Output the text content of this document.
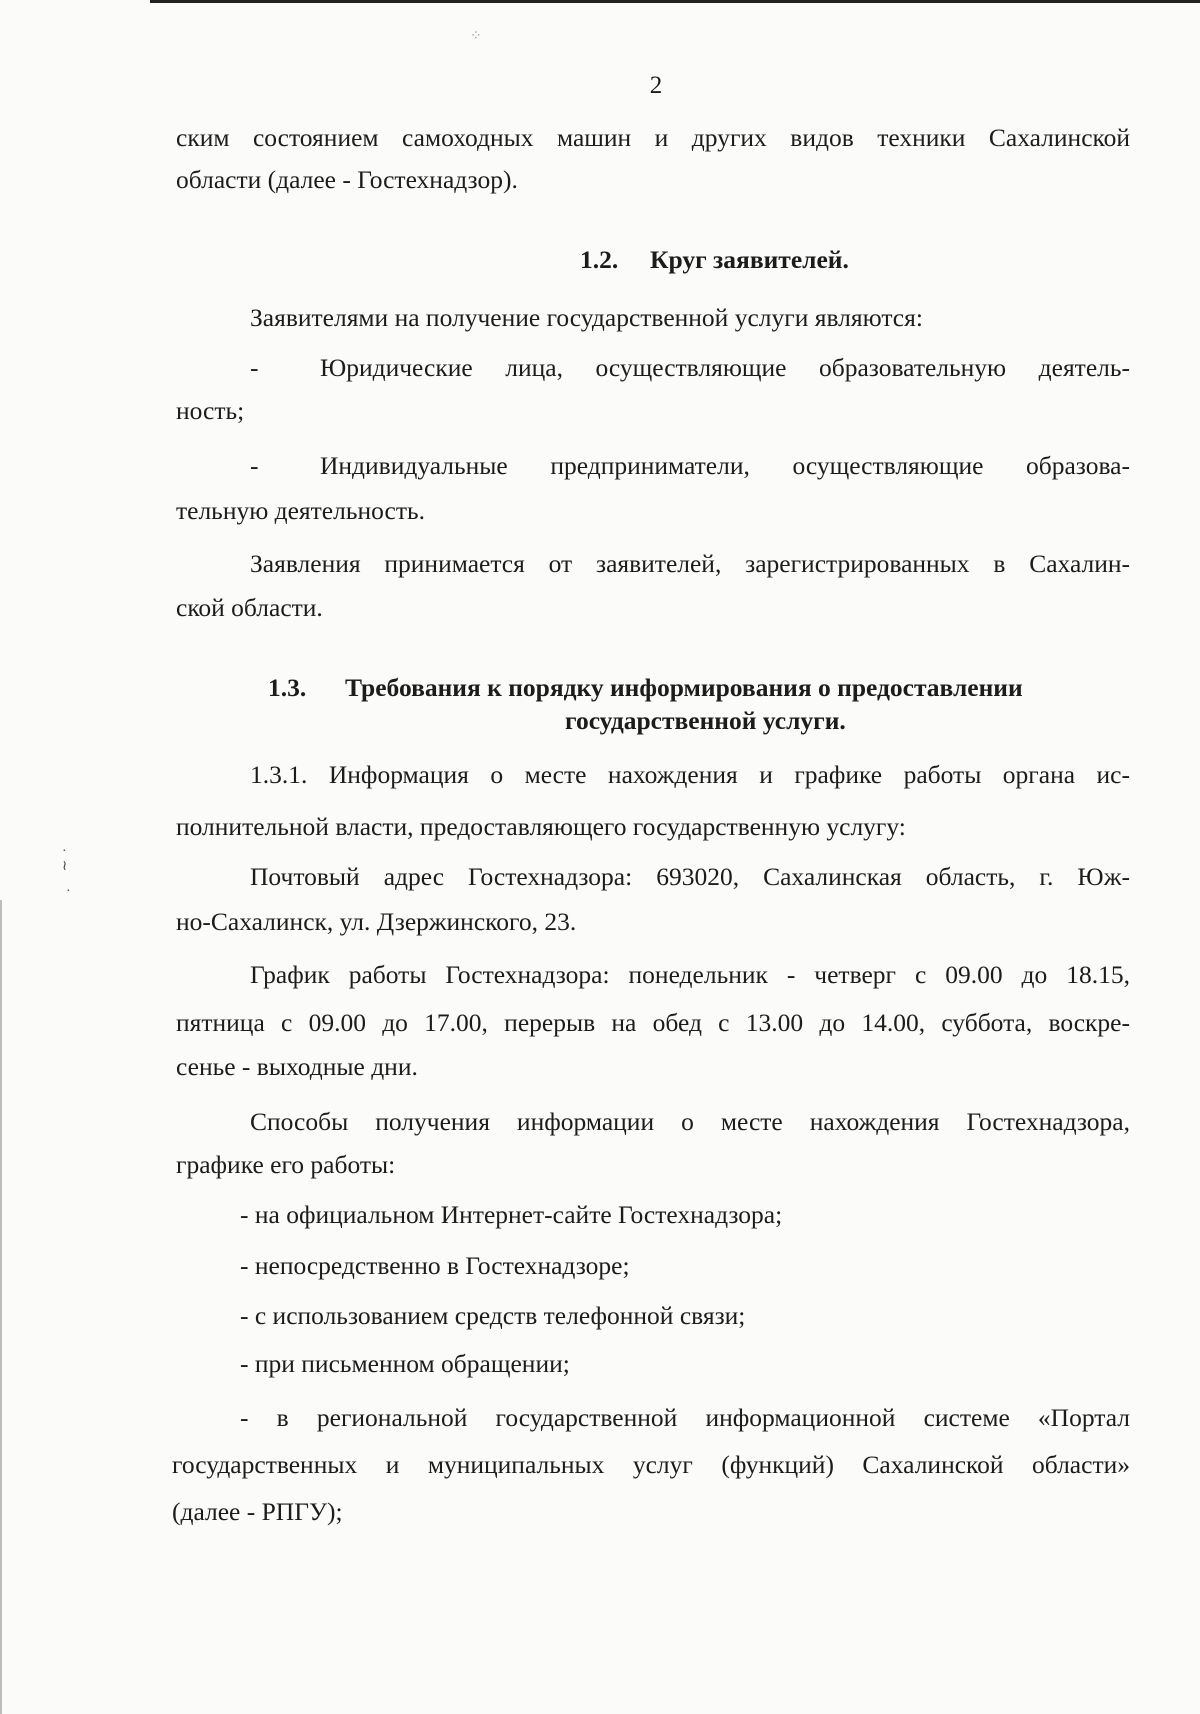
⁘
·
≀
·
2
ским состоянием самоходных машин и других видов техники Сахалинской
области (далее - Гостехнадзор).
1.2. Круг заявителей.
Заявителями на получение государственной услуги являются:
- Юридические лица, осуществляющие образовательную деятель-
ность;
- Индивидуальные предприниматели, осуществляющие образова-
тельную деятельность.
Заявления принимается от заявителей, зарегистрированных в Сахалин-
ской области.
1.3. Требования к порядку информирования о предоставлении
государственной услуги.
1.3.1. Информация о месте нахождения и графике работы органа ис-
полнительной власти, предоставляющего государственную услугу:
Почтовый адрес Гостехнадзора: 693020, Сахалинская область, г. Юж-
но-Сахалинск, ул. Дзержинского, 23.
График работы Гостехнадзора: понедельник - четверг с 09.00 до 18.15,
пятница с 09.00 до 17.00, перерыв на обед с 13.00 до 14.00, суббота, воскре-
сенье - выходные дни.
Способы получения информации о месте нахождения Гостехнадзора,
графике его работы:
- на официальном Интернет-сайте Гостехнадзора;
- непосредственно в Гостехнадзоре;
- с использованием средств телефонной связи;
- при письменном обращении;
- в региональной государственной информационной системе «Портал
государственных и муниципальных услуг (функций) Сахалинской области»
(далее - РПГУ);
